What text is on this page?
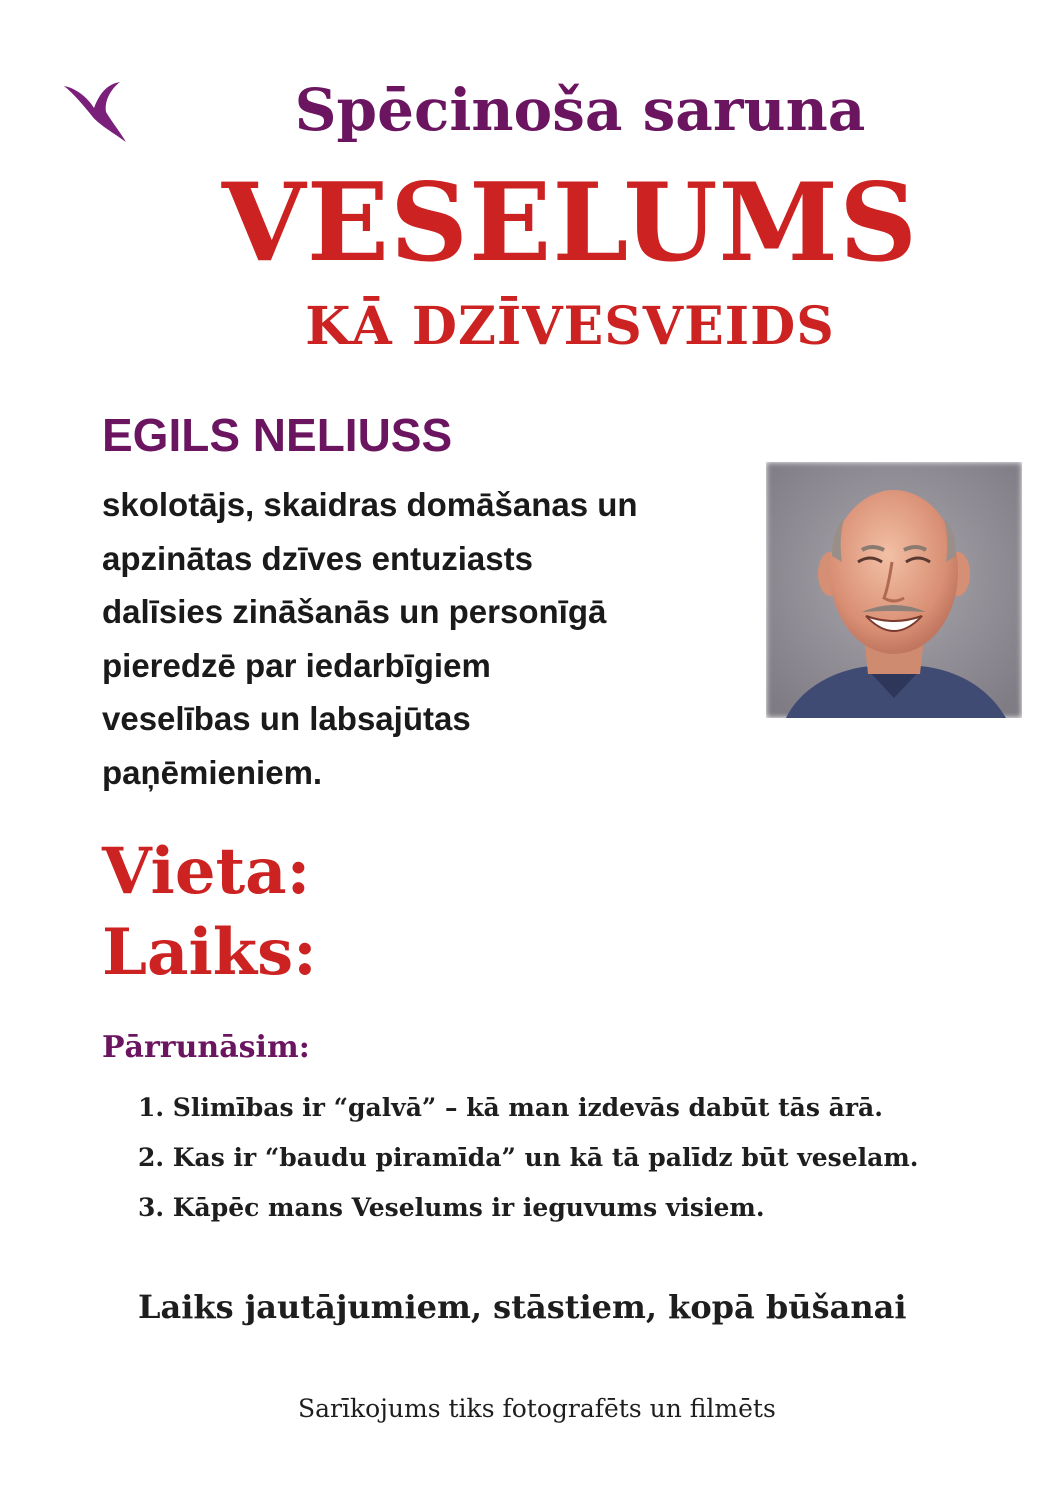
Spēcinoša saruna
VESELUMS
KĀ DZĪVESVEIDS
EGILS NELIUSS
skolotājs, skaidras domāšanas un
apzinātas dzīves entuziasts
dalīsies zināšanās un personīgā
pieredzē par iedarbīgiem
veselības un labsajūtas
paņēmieniem.
Vieta:
Laiks:
Pārrunāsim:
1. Slimības ir “galvā” – kā man izdevās dabūt tās ārā.
2. Kas ir “baudu piramīda” un kā tā palīdz būt veselam.
3. Kāpēc mans Veselums ir ieguvums visiem.
Laiks jautājumiem, stāstiem, kopā būšanai
Sarīkojums tiks fotografēts un filmēts
